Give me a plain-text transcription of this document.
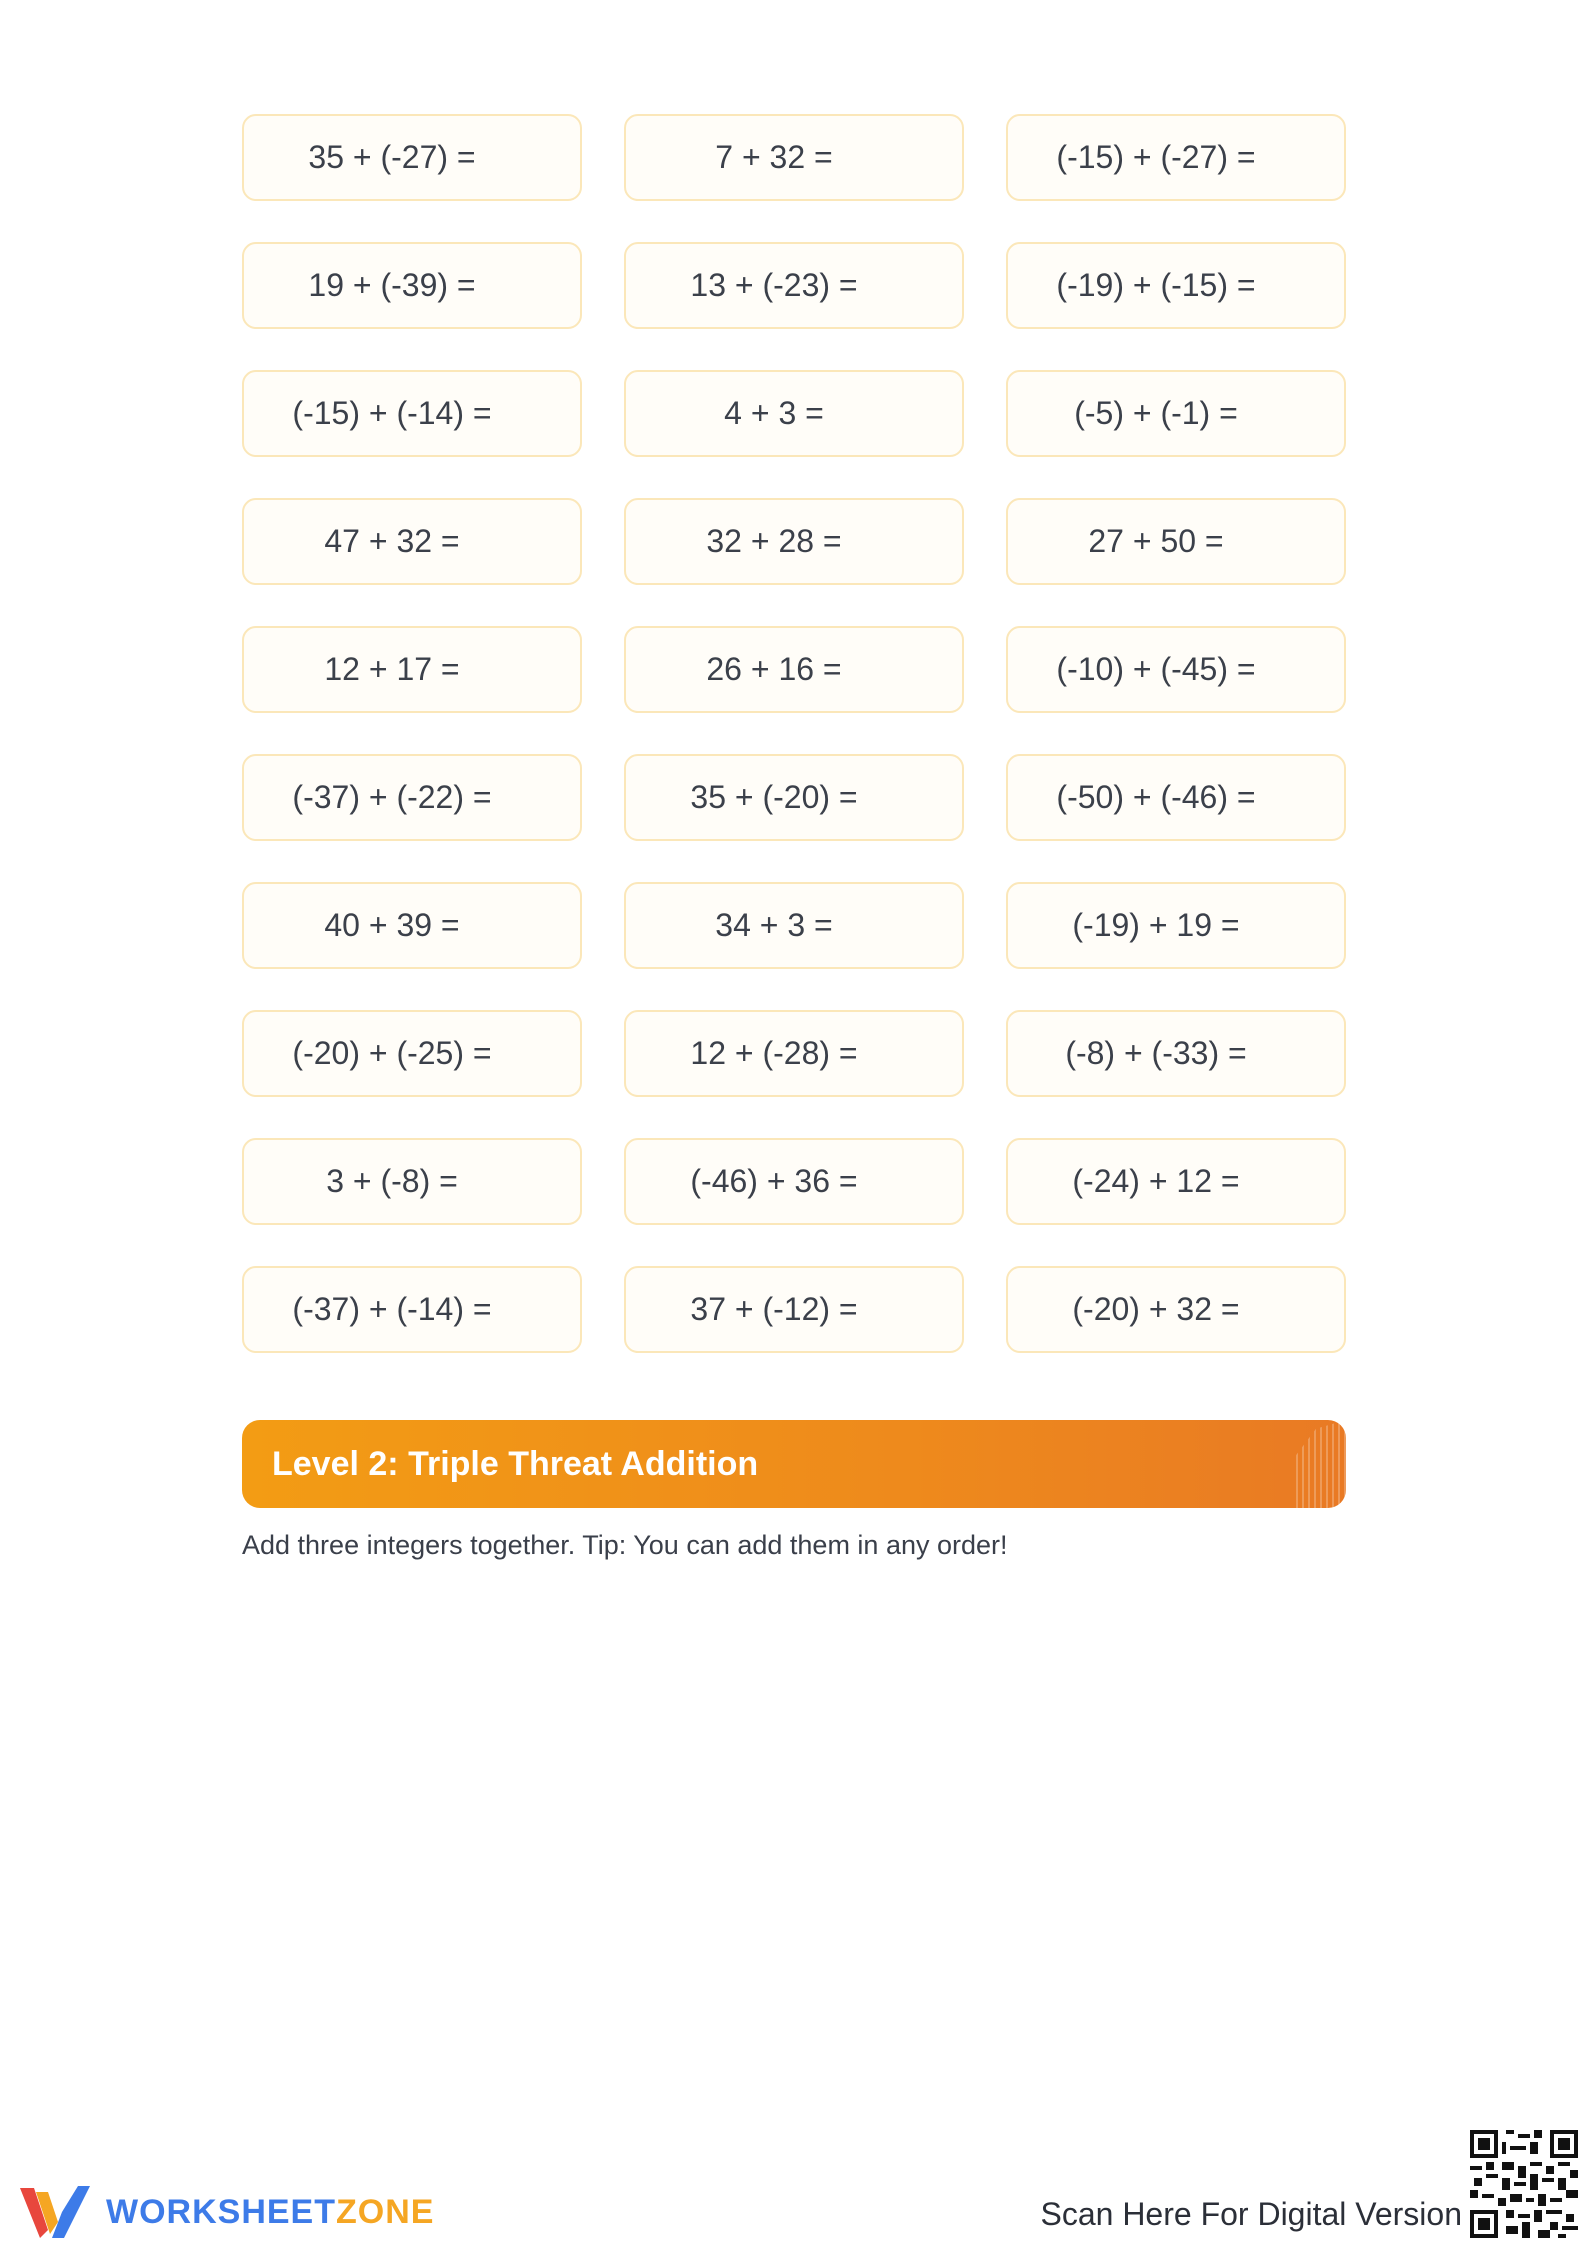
35 + (-27) =	7 + 32 =	(-15) + (-27) =
19 + (-39) =	13 + (-23) =	(-19) + (-15) =
(-15) + (-14) =	4 + 3 =	(-5) + (-1) =
47 + 32 =	32 + 28 =	27 + 50 =
12 + 17 =	26 + 16 =	(-10) + (-45) =
(-37) + (-22) =	35 + (-20) =	(-50) + (-46) =
40 + 39 =	34 + 3 =	(-19) + 19 =
(-20) + (-25) =	12 + (-28) =	(-8) + (-33) =
3 + (-8) =	(-46) + 36 =	(-24) + 12 =
(-37) + (-14) =	37 + (-12) =	(-20) + 32 =
Level 2: Triple Threat Addition
Add three integers together. Tip: You can add them in any order!
WORKSHEETZONE	Scan Here For Digital Version
